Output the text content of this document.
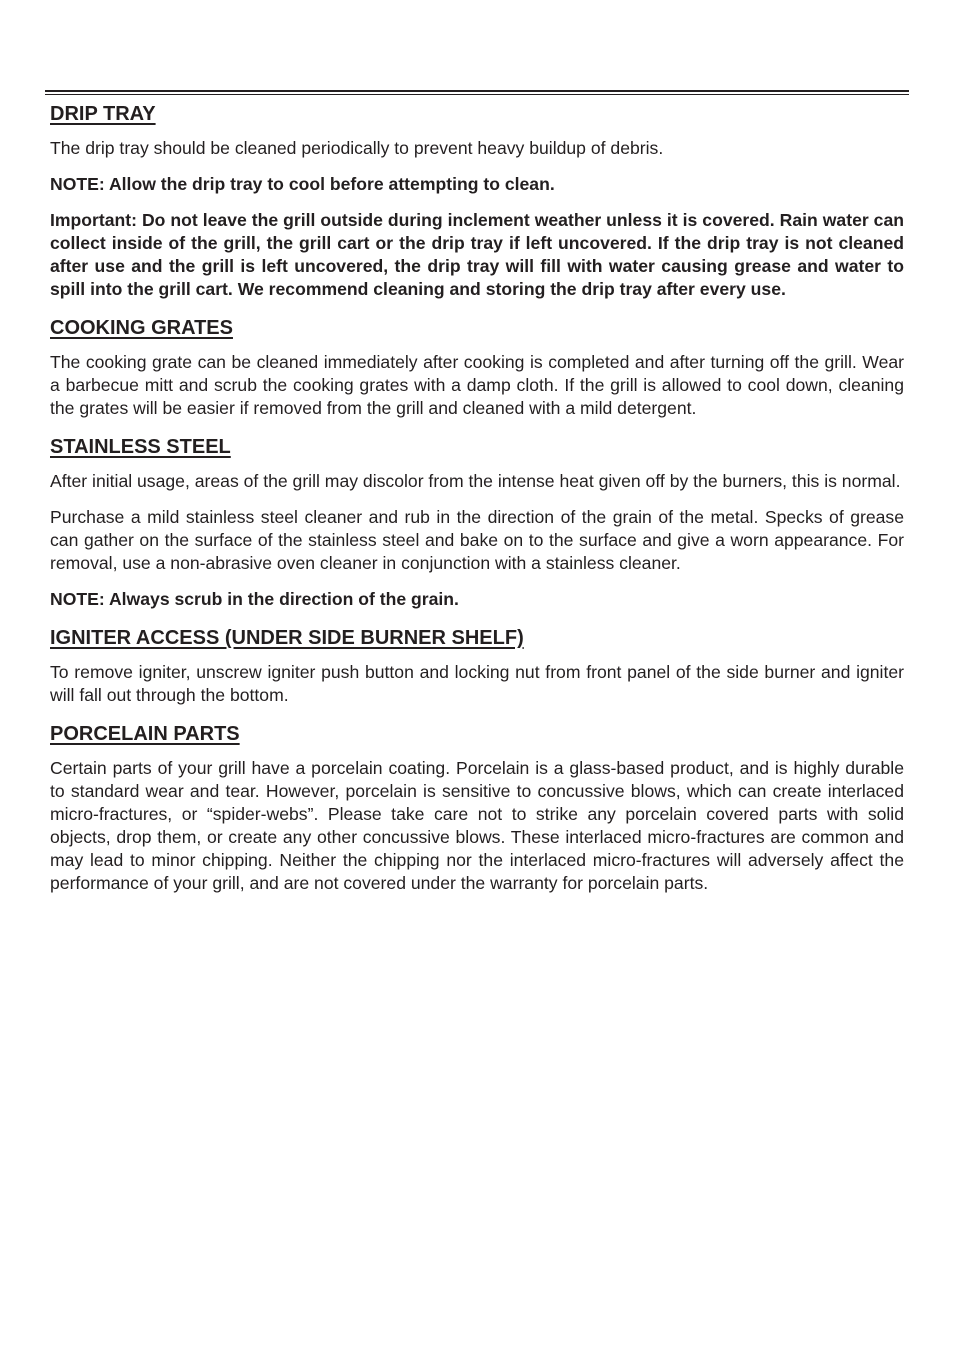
DRIP TRAY

The drip tray should be cleaned periodically to prevent heavy buildup of debris.

NOTE: Allow the drip tray to cool before attempting to clean.

Important: Do not leave the grill outside during inclement weather unless it is covered. Rain water can collect inside of the grill, the grill cart or the drip tray if left uncovered. If the drip tray is not cleaned after use and the grill is left uncovered, the drip tray will fill with water causing grease and water to spill into the grill cart. We recommend cleaning and storing the drip tray after every use.

COOKING GRATES

The cooking grate can be cleaned immediately after cooking is completed and after turning off the grill. Wear a barbecue mitt and scrub the cooking grates with a damp cloth. If the grill is allowed to cool down, cleaning the grates will be easier if removed from the grill and cleaned with a mild detergent.

STAINLESS STEEL

After initial usage, areas of the grill may discolor from the intense heat given off by the burners, this is normal.

Purchase a mild stainless steel cleaner and rub in the direction of the grain of the metal. Specks of grease can gather on the surface of the stainless steel and bake on to the surface and give a worn appearance. For removal, use a non-abrasive oven cleaner in conjunction with a stainless cleaner.

NOTE: Always scrub in the direction of the grain.

IGNITER ACCESS (UNDER SIDE BURNER SHELF)

To remove igniter, unscrew igniter push button and locking nut from front panel of the side burner and igniter will fall out through the bottom.

PORCELAIN PARTS

Certain parts of your grill have a porcelain coating. Porcelain is a glass-based product, and is highly durable to standard wear and tear. However, porcelain is sensitive to concussive blows, which can create interlaced micro-fractures, or “spider-webs”. Please take care not to strike any porcelain covered parts with solid objects, drop them, or create any other concussive blows. These interlaced micro-fractures are common and may lead to minor chipping. Neither the chipping nor the interlaced micro-fractures will adversely affect the performance of your grill, and are not covered under the warranty for porcelain parts.
